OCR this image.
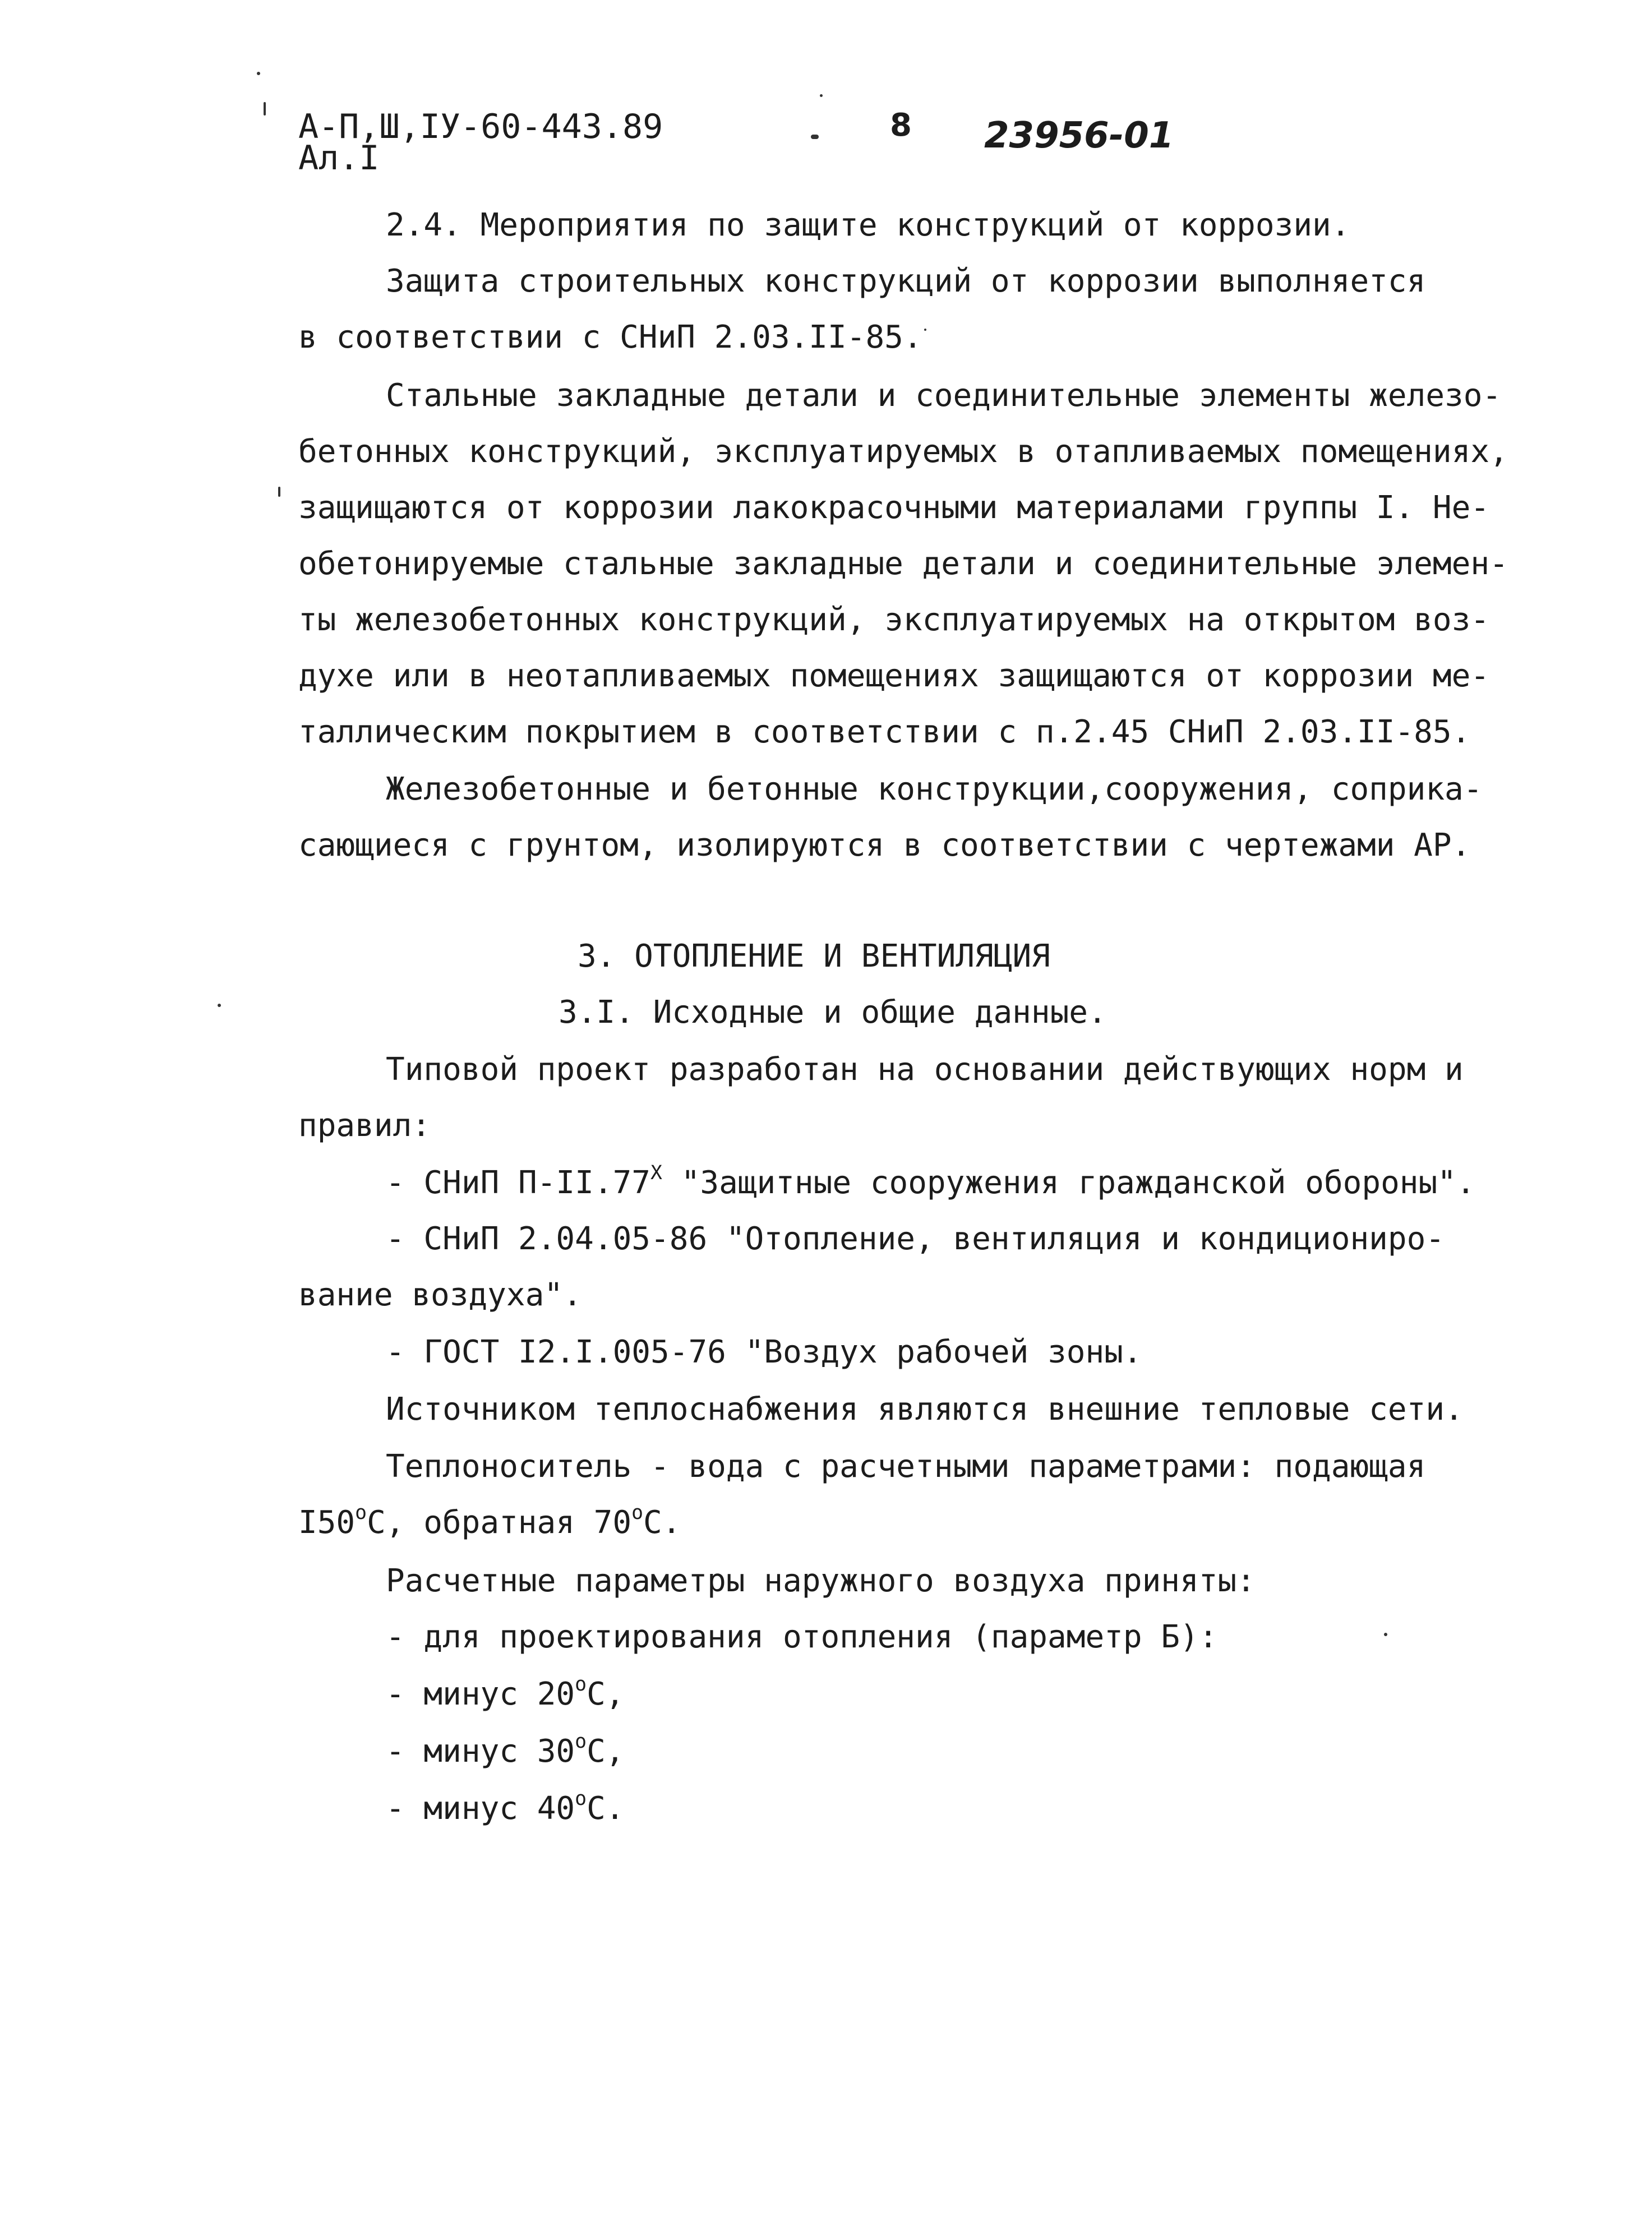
А-П,Ш,IУ-60-443.89
Ал.I
8 23956-01
2.4. Мероприятия по защите конструкций от коррозии.
Защита строительных конструкций от коррозии выполняется
в соответствии с СНиП 2.03.II-85.
Стальные закладные детали и соединительные элементы железо-
бетонных конструкций, эксплуатируемых в отапливаемых помещениях,
защищаются от коррозии лакокрасочными материалами группы I. Не-
обетонируемые стальные закладные детали и соединительные элемен-
ты железобетонных конструкций, эксплуатируемых на открытом воз-
духе или в неотапливаемых помещениях защищаются от коррозии ме-
таллическим покрытием в соответствии с п.2.45 СНиП 2.03.II-85.
Железобетонные и бетонные конструкции,сооружения, соприка-
сающиеся с грунтом, изолируются в соответствии с чертежами АР.
3. ОТОПЛЕНИЕ И ВЕНТИЛЯЦИЯ
3.I. Исходные и общие данные.
Типовой проект разработан на основании действующих норм и
правил:
- СНиП $П-II.77^Х$ "Защитные сооружения гражданской обороны".
- СНиП 2.04.05-86 "Отопление, вентиляция и кондициониро-
вание воздуха".
- ГОСТ I2.I.005-76 "Воздух рабочей зоны.
Источником теплоснабжения являются внешние тепловые сети.
Теплоноситель - вода с расчетными параметрами: подающая
$I50^оС$, обратная $70^оС$.
Расчетные параметры наружного воздуха приняты:
- для проектирования отопления (параметр Б):
- минус $20^оС$,
- минус $30^оС$,
- минус $40^оС$.
